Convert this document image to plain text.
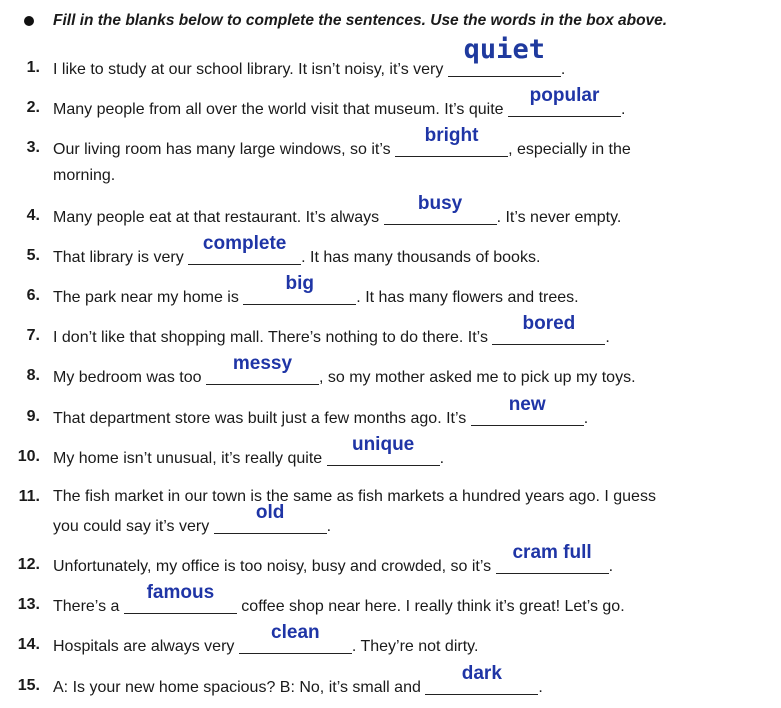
Fill in the blanks below to complete the sentences. Use the words in the box above.
1. I like to study at our school library. It isn’t noisy, it’s very
quiet
.
2. Many people from all over the world visit that museum. It’s quite
popular
.
3. Our living room has many large windows, so it’s
bright
, especially in the
morning.
4. Many people eat at that restaurant. It’s always
busy
. It’s never empty.
5. That library is very
complete
. It has many thousands of books.
6. The park near my home is
big
. It has many flowers and trees.
7. I don’t like that shopping mall. There’s nothing to do there. It’s
bored
.
8. My bedroom was too
messy
, so my mother asked me to pick up my toys.
9. That department store was built just a few months ago. It’s
new
.
10. My home isn’t unusual, it’s really quite
unique
.
11. The fish market in our town is the same as fish markets a hundred years ago. I guess
you could say it’s very
old
.
12. Unfortunately, my office is too noisy, busy and crowded, so it’s
cram full
.
13. There’s a
famous
coffee shop near here. I really think it’s great! Let’s go.
14. Hospitals are always very
clean
. They’re not dirty.
15. A: Is your new home spacious? B: No, it’s small and
dark
.
